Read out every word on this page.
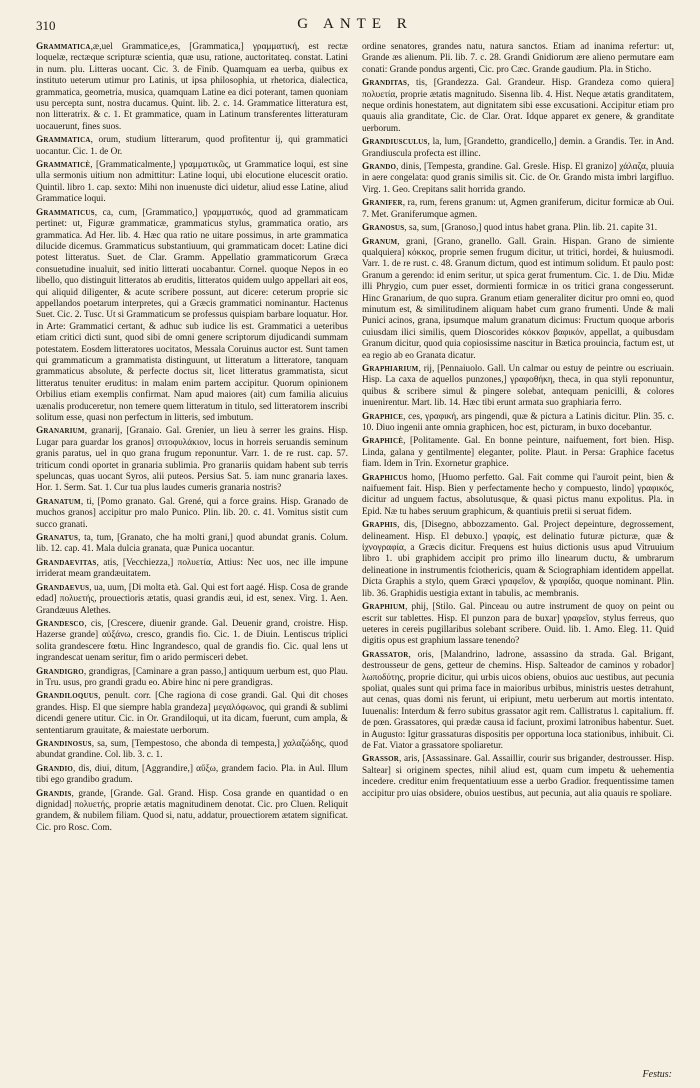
310	G ANTE R

Grammatica,æ,uel Grammatice,es, [Grammatica,] γραμματική, est rectæ loquelæ, rectæque scripturæ scientia, quæ usu, ratione, auctoritateq. constat. Latini in num. plu. Litteras uocant. Cic. 3. de Finib. Quamquam ea uerba, quibus ex instituto ueterum utimur pro Latinis, ut ipsa philosophia, ut rhetorica, dialectica, grammatica, geometria, musica, quamquam Latine ea dici poterant, tamen quoniam usu percepta sunt, nostra ducamus. Quint. lib. 2. c. 14. Grammatice litteratura est, non litteratrix. & c. 1. Et grammatice, quam in Latinum transferentes litteraturam uocauerunt, fines suos.

Grammatica, orum, studium litterarum, quod profitentur ij, qui grammatici uocantur. Cic. 1. de Or.

Grammaticè, [Grammaticalmente,] γραμματικῶς, ut Grammatice loqui, est sine ulla sermonis uitium non admittitur: Latine loqui, ubi elocutione elucescit oratio. Quintil. libro 1. cap. sexto: Mihi non inuenuste dici uidetur, aliud esse Latine, aliud Grammatice loqui.

Grammaticus, ca, cum, [Grammatico,] γραμματικός, quod ad grammaticam pertinet: ut, Figuræ grammaticæ, grammaticus stylus, grammatica oratio, ars grammatica. Ad Her. lib. 4. Hæc qua ratio ne uitare possimus, in arte grammatica dilucide dicemus. Grammaticus substantiuum, qui grammaticam docet: Latine dici potest litteratus. Suet. de Clar. Gramm. Appellatio grammaticorum Græca consuetudine inualuit, sed initio litterati uocabantur. Cornel. quoque Nepos in eo libello, quo distinguit litteratos ab eruditis, litteratos quidem uulgo appellari ait eos, qui aliquid diligenter, & acute scribere possunt, aut dicere: ceterum proprie sic appellandos poetarum interpretes, qui a Græcis grammatici nominantur. Hactenus Suet. Cic. 2. Tusc. Ut si Grammaticum se professus quispiam barbare loquatur. Hor. in Arte: Grammatici certant, & adhuc sub iudice lis est. Grammatici a ueteribus etiam critici dicti sunt, quod sibi de omni genere scriptorum dijudicandi summam potestatem. Eosdem litteratores uocitatos, Messala Coruinus auctor est. Sunt tamen qui grammaticum a grammatista distinguunt, ut litteratum a litteratore, tanquam grammaticus absolute, & perfecte doctus sit, licet litteratus grammatista, sicut litteratus tenuiter eruditus: in malam enim partem accipitur. Quorum opinionem Orbilius etiam exemplis confirmat. Nam apud maiores (ait) cum familia alicuius uænalis produceretur, non temere quem litteratum in titulo, sed litteratorem inscribi solitum esse, quasi non perfectum in litteris, sed imbutum.

Granarium, granarij, [Granaio. Gal. Grenier, un lieu à serrer les grains. Hisp. Lugar para guardar los granos] σιτοφυλάκιον, locus in horreis seruandis seminum granis paratus, uel in quo grana frugum reponuntur. Varr. 1. de re rust. cap. 57. triticum condi oportet in granaria sublimia. Pro granariis quidam habent sub terris speluncas, quas uocant Syros, alii puteos. Persius Sat. 5. iam nunc granaria laxes. Hor. 1. Serm. Sat. 1. Cur tua plus laudes cumeris granaria nostris?

Granatum, ti, [Pomo granato. Gal. Grené, qui a force grains. Hisp. Granado de muchos granos] accipitur pro malo Punico. Plin. lib. 20. c. 41. Vomitus sistit cum succo granati.

Granatus, ta, tum, [Granato, che ha molti grani,] quod abundat granis. Colum. lib. 12. cap. 41. Mala dulcia granata, quæ Punica uocantur.

Grandaevitas, atis, [Vecchiezza,] πολυετία, Attius: Nec uos, nec ille impune irriderat meam grandæuitatem.

Grandaevus, ua, uum, [Di molta età. Gal. Qui est fort aagé. Hisp. Cosa de grande edad] πολυετής, prouectioris ætatis, quasi grandis æui, id est, senex. Virg. 1. Aen. Grandæuus Alethes.

Grandesco, cis, [Crescere, diuenir grande. Gal. Deuenir grand, croistre. Hisp. Hazerse grande] αὐξάνω, cresco, grandis fio. Cic. 1. de Diuin. Lentiscus triplici solita grandescere fœtu. Hinc Ingrandesco, qual de grandis fio. Cic. qual lens ut ingrandescat uenam seritur, fim o arido permisceri debet.

Grandigro, grandigras, [Caminare a gran passo,] antiquum uerbum est, quo Plau. in Tru. usus, pro grandi gradu eo. Abire hinc ni pere grandigras.

Grandiloquus, penult. corr. [Che ragiona di cose grandi. Gal. Qui dit choses grandes. Hisp. El que siempre habla grandeza] μεγαλόφωνος, qui grandi & sublimi dicendi genere utitur. Cic. in Or. Grandiloqui, ut ita dicam, fuerunt, cum ampla, & sententiarum grauitate, & maiestate uerborum.

Grandinosus, sa, sum, [Tempestoso, che abonda di tempesta,] χαλαζώδης, quod abundat grandine. Col. lib. 3. c. 1.

Grandio, dis, diui, ditum, [Aggrandire,] αὔξω, grandem facio. Pla. in Aul. Illum tibi ego grandibo gradum.

Grandis, grande, [Grande. Gal. Grand. Hisp. Cosa grande en quantidad o en dignidad] πολυετής, proprie ætatis magnitudinem denotat. Cic. pro Cluen. Reliquit grandem, & nubilem filiam. Quod si, natu, addatur, prouectiorem ætatem significat. Cic. pro Rosc. Com.

ordine senatores, grandes natu, natura sanctos. Etiam ad inanima refertur: ut, Grande æs alienum. Pli. lib. 7. c. 28. Grandi Gnidiorum ære alieno permutare eam conati: Grande pondus argenti, Cic. pro Cæc. Grande gaudium. Pla. in Sticho.

Granditas, tis, [Grandezza. Gal. Grandeur. Hisp. Grandeza como quiera] πολυετία, proprie ætatis magnitudo. Sisenna lib. 4. Hist. Neque ætatis granditatem, neque ordinis honestatem, aut dignitatem sibi esse excusationi. Accipitur etiam pro quauis alia granditate, Cic. de Clar. Orat. Idque apparet ex genere, & granditate uerborum.

Grandiusculus, la, lum, [Grandetto, grandicello,] demin. a Grandis. Ter. in And. Grandiuscula profecta est illinc.

Grando, dinis, [Tempesta, grandine. Gal. Gresle. Hisp. El granizo] χάλαζα, pluuia in aere congelata: quod granis similis sit. Cic. de Or. Grando mista imbri largifluo. Virg. 1. Geo. Crepitans salit horrida grando.

Granifer, ra, rum, ferens granum: ut, Agmen graniferum, dicitur formicæ ab Oui. 7. Met. Graniferumque agmen.

Granosus, sa, sum, [Granoso,] quod intus habet grana. Plin. lib. 21. capite 31.

Granum, grani, [Grano, granello. Gall. Grain. Hispan. Grano de simiente qualquiera] κόκκος, proprie semen frugum dicitur, ut tritici, hordei, & huiusmodi. Varr. 1. de re rust. c. 48. Granum dictum, quod est intimum solidum. Et paulo post: Granum a gerendo: id enim seritur, ut spica gerat frumentum. Cic. 1. de Diu. Midæ illi Phrygio, cum puer esset, dormienti formicæ in os tritici grana congesserunt. Hinc Granarium, de quo supra. Granum etiam generaliter dicitur pro omni eo, quod minutum est, & similitudinem aliquam habet cum grano frumenti. Unde & mali Punici acinos, grana, ipsumque malum granatum dicimus: Fructum quoque arboris cuiusdam ilici similis, quem Dioscorides κόκκον βαφικόν, appellat, a quibusdam Granum dicitur, quod quia copiosissime nascitur in Bætica prouincia, factum est, ut ea regio ab eo Granata dicatur.

Graphiarium, rij, [Pennaiuolo. Gall. Un calmar ou estuy de peintre ou escriuain. Hisp. La caxa de aquellos punzones,] γραφοθήκη, theca, in qua styli reponuntur, quibus & scribere simul & pingere solebat, antequam penicilli, & colores inuenirentur. Mart. lib. 14. Hæc tibi erunt armata suo graphiaria ferro.

Graphice, ces, γραφική, ars pingendi, quæ & pictura a Latinis dicitur. Plin. 35. c. 10. Diuo ingenii ante omnia graphicen, hoc est, picturam, in buxo docebantur.

Graphicè, [Politamente. Gal. En bonne peinture, naifuement, fort bien. Hisp. Linda, galana y gentilmente] eleganter, polite. Plaut. in Persa: Graphice facetus fiam. Idem in Trin. Exornetur graphice.

Graphicus homo, [Huomo perfetto. Gal. Fait comme qui l'auroit peint, bien & naifuement fait. Hisp. Bien y perfectamente hecho y compuesto, lindo] γραφικός, dicitur ad unguem factus, absolutusque, & quasi pictus manu expolitus. Pla. in Epid. Næ tu habes seruum graphicum, & quantiuis pretii si seruat fidem.

Graphis, dis, [Disegno, abbozzamento. Gal. Project depeinture, degrossement, delineament. Hisp. El debuxo.] γραφίς, est delinatio futuræ picturæ, quæ & ἰχνογραφία, a Græcis dicitur. Frequens est huius dictionis usus apud Vitruuium libro 1. ubi graphidem accipit pro primo illo linearum ductu, & umbrarum delineatione in instrumentis fciothericis, quam & Sciographiam identidem appellat. Dicta Graphis a stylo, quem Græci γραφεῖον, & γραφίδα, quoque nominant. Plin. lib. 36. Graphidis uestigia extant in tabulis, ac membranis.

Graphium, phij, [Stilo. Gal. Pinceau ou autre instrument de quoy on peint ou escrit sur tablettes. Hisp. El punzon para de buxar] γραφεῖον, stylus ferreus, quo ueteres in cereis pugillaribus solebant scribere. Ouid. lib. 1. Amo. Eleg. 11. Quid digitis opus est graphium lassare tenendo?

Grassator, oris, [Malandrino, ladrone, assassino da strada. Gal. Brigant, destrousseur de gens, getteur de chemins. Hisp. Salteador de caminos y robador] λωποδύτης, proprie dicitur, qui urbis uicos obiens, obuios auc uestibus, aut pecunia spoliat, quales sunt qui prima face in maioribus urbibus, ministris uestes detrahunt, aut cenas, quas domi nis ferunt, ui eripiunt, metu uerberum aut mortis intentato. Iuuenalis: Interdum & ferro subitus grassator agit rem. Callistratus l. capitalium. ff. de pœn. Grassatores, qui prædæ causa id faciunt, proximi latronibus habentur. Suet. in Augusto: Igitur grassaturas dispositis per opportuna loca stationibus, inhibuit. Ci. de Fat. Viator a grassatore spoliaretur.

Grassor, aris, [Assassinare. Gal. Assaillir, courir sus brigander, destrousser. Hisp. Saltear] si originem spectes, nihil aliud est, quam cum impetu & uehementia incedere. creditur enim frequentatiuum esse a uerbo Gradior. frequentissime tamen accipitur pro uias obsidere, obuios uestibus, aut pecunia, aut alia quauis re spoliare.

Festus:
